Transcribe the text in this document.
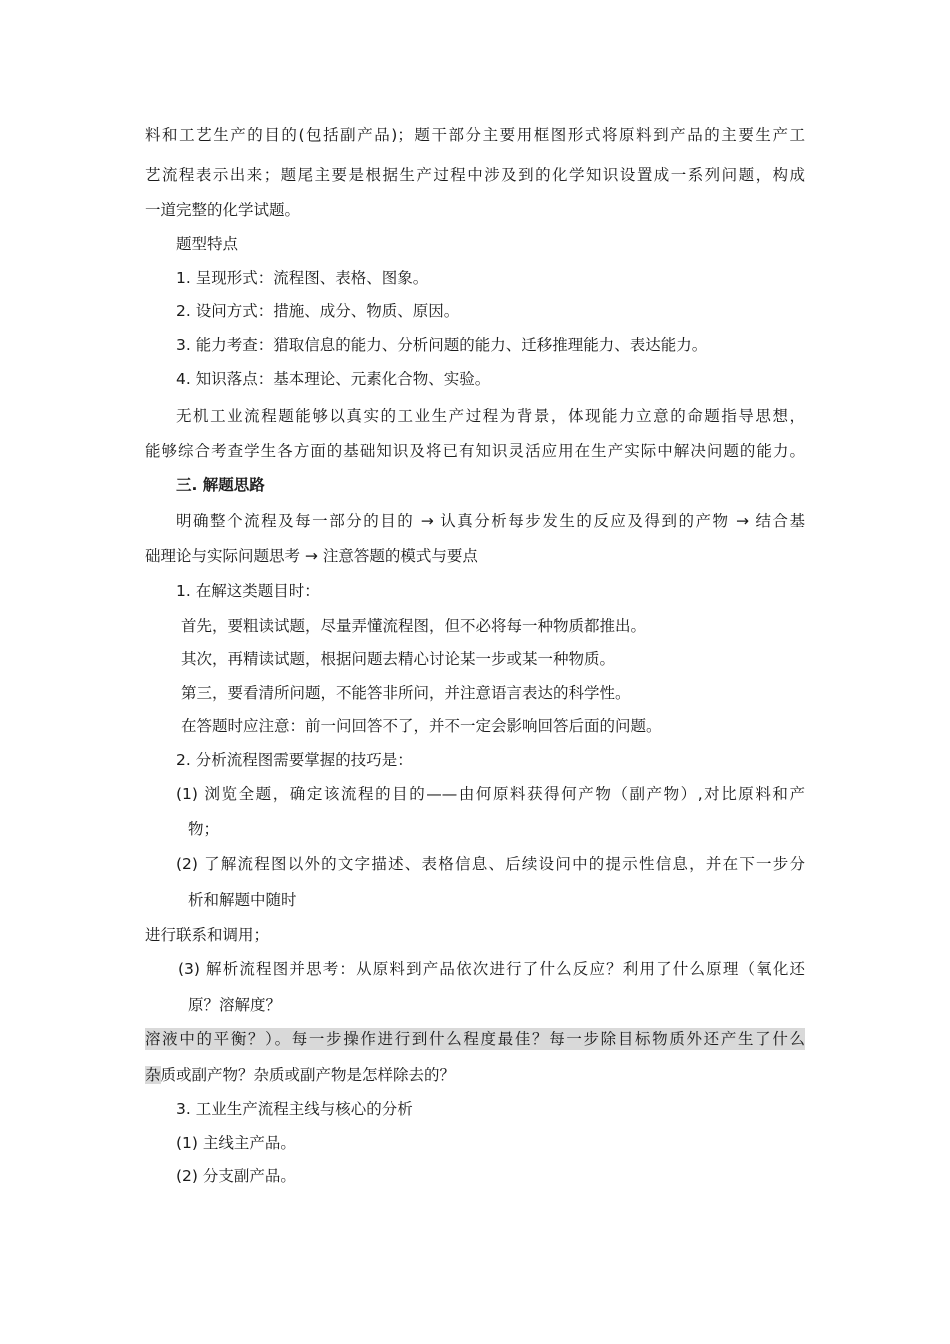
料和工艺生产的目的(包括副产品)；题干部分主要用框图形式将原料到产品的主要生产工
艺流程表示出来；题尾主要是根据生产过程中涉及到的化学知识设置成一系列问题，构成
一道完整的化学试题。
题型特点
1. 呈现形式：流程图、表格、图象。
2. 设问方式：措施、成分、物质、原因。
3. 能力考查：猎取信息的能力、分析问题的能力、迁移推理能力、表达能力。
4. 知识落点：基本理论、元素化合物、实验。
无机工业流程题能够以真实的工业生产过程为背景，体现能力立意的命题指导思想，
能够综合考查学生各方面的基础知识及将已有知识灵活应用在生产实际中解决问题的能力。
三. 解题思路
明确整个流程及每一部分的目的 → 认真分析每步发生的反应及得到的产物 → 结合基
础理论与实际问题思考 → 注意答题的模式与要点
1. 在解这类题目时：
首先，要粗读试题，尽量弄懂流程图，但不必将每一种物质都推出。
其次，再精读试题，根据问题去精心讨论某一步或某一种物质。
第三，要看清所问题，不能答非所问，并注意语言表达的科学性。
在答题时应注意：前一问回答不了，并不一定会影响回答后面的问题。
2. 分析流程图需要掌握的技巧是：
(1) 浏览全题，确定该流程的目的——由何原料获得何产物（副产物）,对比原料和产
物；
(2) 了解流程图以外的文字描述、表格信息、后续设问中的提示性信息，并在下一步分
析和解题中随时
进行联系和调用；
(3) 解析流程图并思考：从原料到产品依次进行了什么反应？利用了什么原理（氧化还
原？溶解度？
溶液中的平衡？）。每一步操作进行到什么程度最佳？每一步除目标物质外还产生了什么
杂质或副产物？杂质或副产物是怎样除去的？
3. 工业生产流程主线与核心的分析
(1) 主线主产品。
(2) 分支副产品。
